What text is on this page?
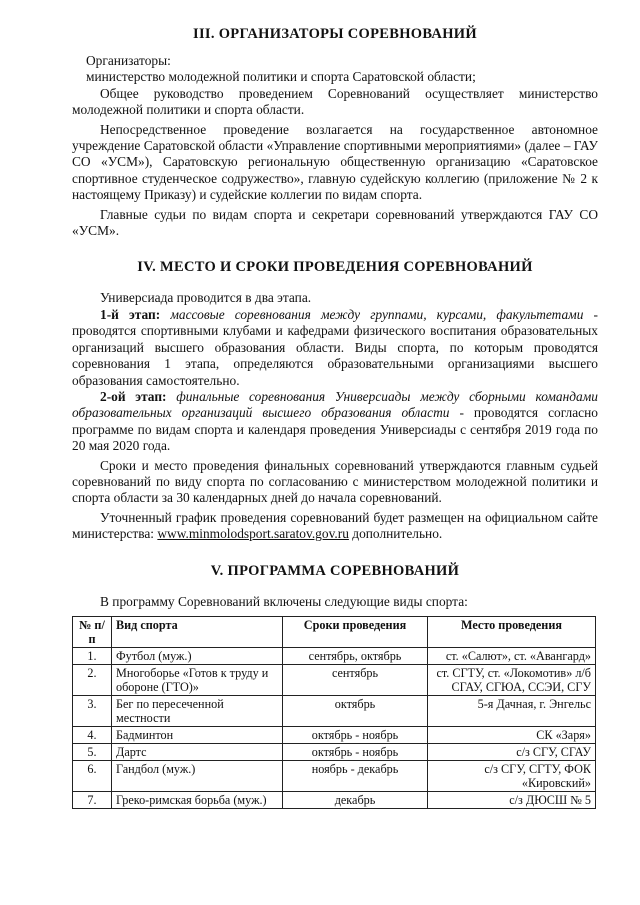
III. ОРГАНИЗАТОРЫ СОРЕВНОВАНИЙ

Организаторы:

министерство молодежной политики и спорта Саратовской области;

Общее руководство проведением Соревнований осуществляет министерство молодежной политики и спорта области.

Непосредственное проведение возлагается на государственное автономное учреждение Саратовской области «Управление спортивными мероприятиями» (далее – ГАУ СО «УСМ»), Саратовскую региональную общественную организацию «Саратовское спортивное студенческое содружество», главную судейскую коллегию (приложение № 2 к настоящему Приказу) и судейские коллегии по видам спорта.

Главные судьи по видам спорта и секретари соревнований утверждаются ГАУ СО «УСМ».

IV. МЕСТО И СРОКИ ПРОВЕДЕНИЯ СОРЕВНОВАНИЙ

Универсиада проводится в два этапа.

1-й этап: массовые соревнования между группами, курсами, факультетами - проводятся спортивными клубами и кафедрами физического воспитания образовательных организаций высшего образования области. Виды спорта, по которым проводятся соревнования 1 этапа, определяются образовательными организациями высшего образования самостоятельно.

2-ой этап: финальные соревнования Универсиады между сборными командами образовательных организаций высшего образования области - проводятся согласно программе по видам спорта и календаря проведения Универсиады с сентября 2019 года по 20 мая 2020 года.

Сроки и место проведения финальных соревнований утверждаются главным судьей соревнований по виду спорта по согласованию с министерством молодежной политики и спорта области за 30 календарных дней до начала соревнований.

Уточненный график проведения соревнований будет размещен на официальном сайте министерства: www.minmolodsport.saratov.gov.ru дополнительно.

V. ПРОГРАММА СОРЕВНОВАНИЙ

В программу Соревнований включены следующие виды спорта:

№ п/п	Вид спорта	Сроки проведения	Место проведения
1.	Футбол (муж.)	сентябрь, октябрь	ст. «Салют», ст. «Авангард»
2.	Многоборье «Готов к труду и обороне (ГТО)»	сентябрь	ст. СГТУ, ст. «Локомотив» л/б СГАУ, СГЮА, ССЭИ, СГУ
3.	Бег по пересеченной местности	октябрь	5-я Дачная, г. Энгельс
4.	Бадминтон	октябрь - ноябрь	СК «Заря»
5.	Дартс	октябрь - ноябрь	с/з СГУ, СГАУ
6.	Гандбол (муж.)	ноябрь - декабрь	с/з СГУ, СГТУ, ФОК «Кировский»
7.	Греко-римская борьба (муж.)	декабрь	с/з ДЮСШ № 5
